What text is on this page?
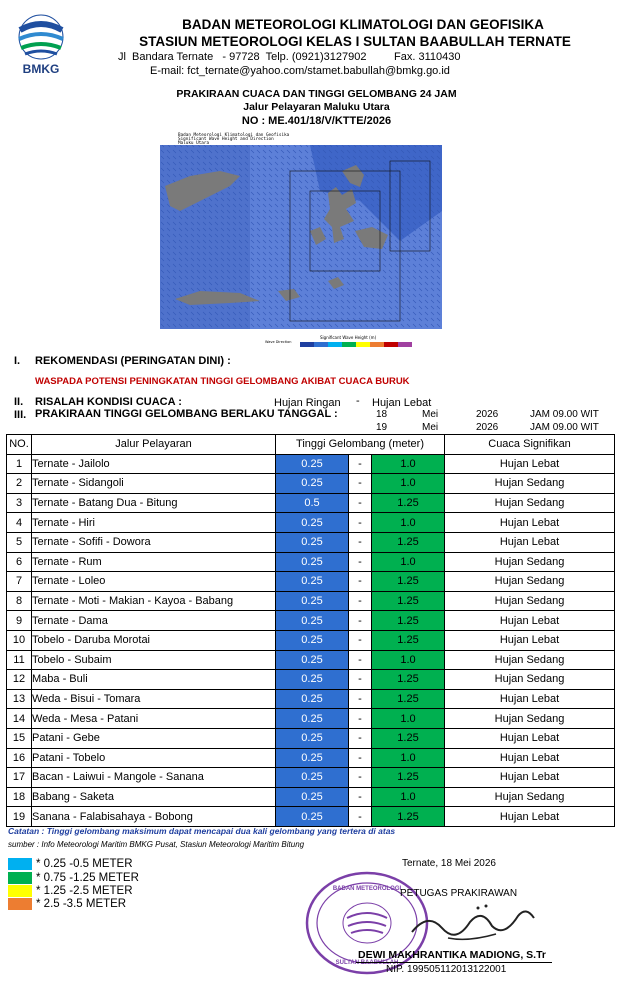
BMKG
BADAN METEOROLOGI KLIMATOLOGI DAN GEOFISIKA
STASIUN METEOROLOGI KELAS I SULTAN BAABULLAH TERNATE
Jl  Bandara Ternate   - 97728  Telp. (0921)3127902         Fax. 3110430
E-mail: fct_ternate@yahoo.com/stamet.babullah@bmkg.go.id
PRAKIRAAN CUACA DAN TINGGI GELOMBANG 24 JAM
Jalur Pelayaran Maluku Utara
NO : ME.401/18/V/KTTE/2026
Badan Meteorologi Klimatologi dan Geofisika
Significant Wave Height and Direction
Maluku Utara
Significant Wave Height (m)
Wave Direction
I. REKOMENDASI (PERINGATAN DINI) :
WASPADA POTENSI PENINGKATAN TINGGI GELOMBANG AKIBAT CUACA BURUK
II. RISALAH KONDISI CUACA :	Hujan Ringan - Hujan Lebat
III. PRAKIRAAN TINGGI GELOMBANG BERLAKU TANGGAL :	18	Mei	2026	JAM 09.00 WIT
19	Mei	2026	JAM 09.00 WIT
NO.	Jalur Pelayaran	Tinggi Gelombang (meter)			Cuaca Signifikan
1	Ternate - Jailolo	0.25	-	1.0	Hujan Lebat
2	Ternate - Sidangoli	0.25	-	1.0	Hujan Sedang
3	Ternate - Batang Dua - Bitung	0.5	-	1.25	Hujan Sedang
4	Ternate - Hiri	0.25	-	1.0	Hujan Lebat
5	Ternate - Sofifi - Dowora	0.25	-	1.25	Hujan Lebat
6	Ternate - Rum	0.25	-	1.0	Hujan Sedang
7	Ternate - Loleo	0.25	-	1.25	Hujan Sedang
8	Ternate - Moti - Makian - Kayoa - Babang	0.25	-	1.25	Hujan Sedang
9	Ternate - Dama	0.25	-	1.25	Hujan Lebat
10	Tobelo - Daruba Morotai	0.25	-	1.25	Hujan Lebat
11	Tobelo - Subaim	0.25	-	1.0	Hujan Sedang
12	Maba - Buli	0.25	-	1.25	Hujan Sedang
13	Weda - Bisui - Tomara	0.25	-	1.25	Hujan Lebat
14	Weda - Mesa - Patani	0.25	-	1.0	Hujan Sedang
15	Patani - Gebe	0.25	-	1.25	Hujan Lebat
16	Patani - Tobelo	0.25	-	1.0	Hujan Lebat
17	Bacan - Laiwui - Mangole - Sanana	0.25	-	1.25	Hujan Lebat
18	Babang - Saketa	0.25	-	1.0	Hujan Sedang
19	Sanana - Falabisahaya - Bobong	0.25	-	1.25	Hujan Lebat
Catatan : Tinggi gelombang maksimum dapat mencapai dua kali gelombang yang tertera di atas
sumber : Info Meteorologi Maritim BMKG Pusat, Stasiun Meteorologi Maritim Bitung
* 0.25 -0.5 METER
* 0.75 -1.25 METER
* 1.25 -2.5 METER
* 2.5 -3.5 METER
BADAN METEOROLOGI
SULTAN BAABULLAH
Ternate, 18 Mei 2026
PETUGAS PRAKIRAWAN
DEWI MAKHRANTIKA MADIONG, S.Tr
NIP. 199505112013122001
